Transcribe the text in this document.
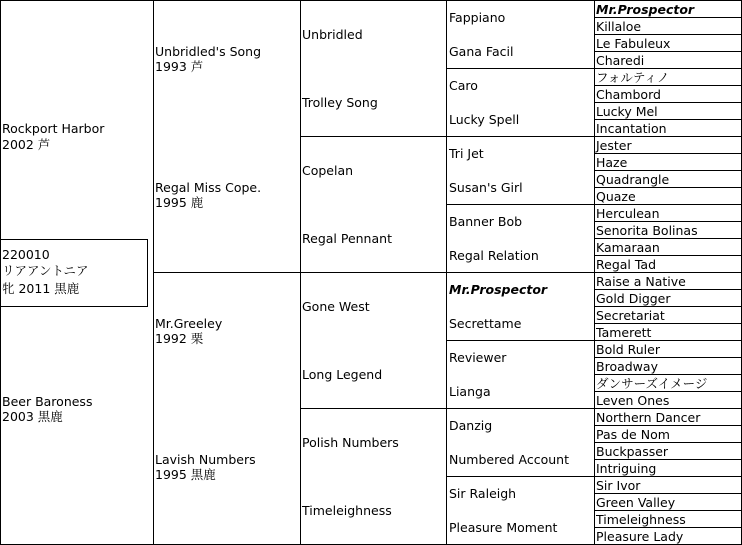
220010
リアアントニア
牝 2011 黒鹿
Rockport Harbor
2002 芦
Beer Baroness
2003 黒鹿
Unbridled's Song
1993 芦
Regal Miss Cope.
1995 鹿
Mr.Greeley
1992 栗
Lavish Numbers
1995 黒鹿
Unbridled
Trolley Song
Copelan
Regal Pennant
Gone West
Long Legend
Polish Numbers
Timeleighness
Fappiano
Gana Facil
Caro
Lucky Spell
Tri Jet
Susan's Girl
Banner Bob
Regal Relation
Mr.Prospector
Secrettame
Reviewer
Lianga
Danzig
Numbered Account
Sir Raleigh
Pleasure Moment
Mr.Prospector
Killaloe
Le Fabuleux
Charedi
フォルティノ
Chambord
Lucky Mel
Incantation
Jester
Haze
Quadrangle
Quaze
Herculean
Senorita Bolinas
Kamaraan
Regal Tad
Raise a Native
Gold Digger
Secretariat
Tamerett
Bold Ruler
Broadway
ダンサーズイメージ
Leven Ones
Northern Dancer
Pas de Nom
Buckpasser
Intriguing
Sir Ivor
Green Valley
Timeleighness
Pleasure Lady
